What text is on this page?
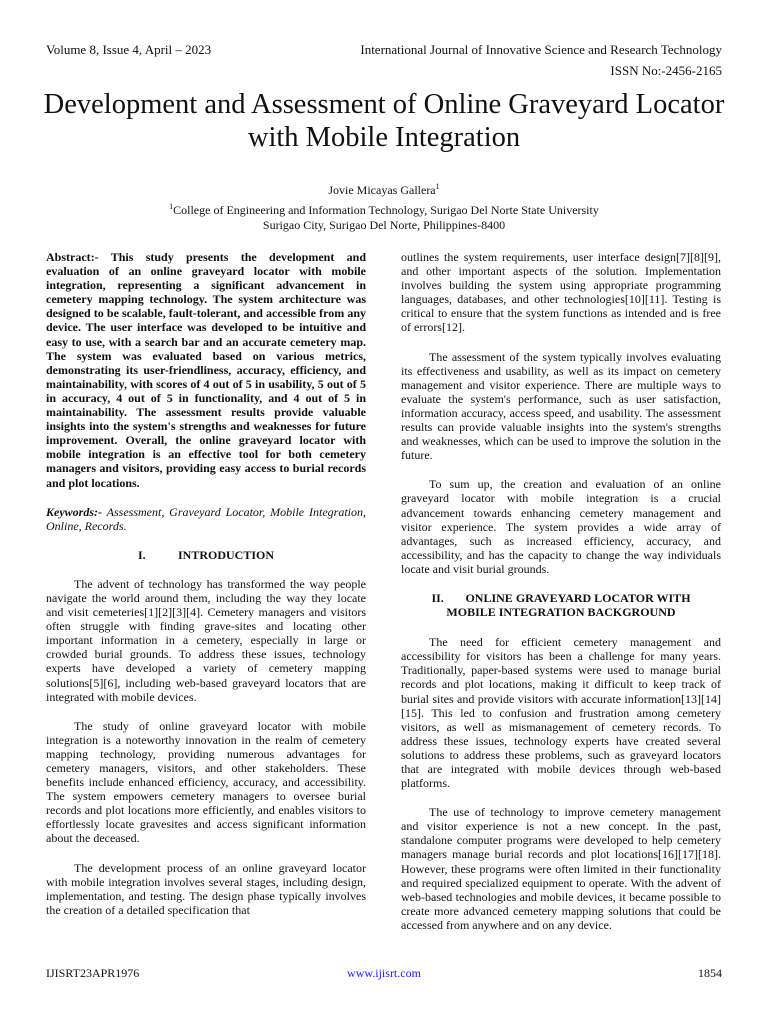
Volume 8, Issue 4, April – 2023	International Journal of Innovative Science and Research Technology
ISSN No:-2456-2165
Development and Assessment of Online Graveyard Locator with Mobile Integration
Jovie Micayas Gallera$^1$
$^1$College of Engineering and Information Technology, Surigao Del Norte State University
Surigao City, Surigao Del Norte, Philippines-8400

Abstract:- This study presents the development and evaluation of an online graveyard locator with mobile integration, representing a significant advancement in cemetery mapping technology. The system architecture was designed to be scalable, fault-tolerant, and accessible from any device. The user interface was developed to be intuitive and easy to use, with a search bar and an accurate cemetery map. The system was evaluated based on various metrics, demonstrating its user-friendliness, accuracy, efficiency, and maintainability, with scores of 4 out of 5 in usability, 5 out of 5 in accuracy, 4 out of 5 in functionality, and 4 out of 5 in maintainability. The assessment results provide valuable insights into the system's strengths and weaknesses for future improvement. Overall, the online graveyard locator with mobile integration is an effective tool for both cemetery managers and visitors, providing easy access to burial records and plot locations.

Keywords:- Assessment, Graveyard Locator, Mobile Integration, Online, Records.

I.	INTRODUCTION

The advent of technology has transformed the way people navigate the world around them, including the way they locate and visit cemeteries[1][2][3][4]. Cemetery managers and visitors often struggle with finding grave-sites and locating other important information in a cemetery, especially in large or crowded burial grounds. To address these issues, technology experts have developed a variety of cemetery mapping solutions[5][6], including web-based graveyard locators that are integrated with mobile devices.

The study of online graveyard locator with mobile integration is a noteworthy innovation in the realm of cemetery mapping technology, providing numerous advantages for cemetery managers, visitors, and other stakeholders. These benefits include enhanced efficiency, accuracy, and accessibility. The system empowers cemetery managers to oversee burial records and plot locations more efficiently, and enables visitors to effortlessly locate gravesites and access significant information about the deceased.

The development process of an online graveyard locator with mobile integration involves several stages, including design, implementation, and testing. The design phase typically involves the creation of a detailed specification that

outlines the system requirements, user interface design[7][8][9], and other important aspects of the solution. Implementation involves building the system using appropriate programming languages, databases, and other technologies[10][11]. Testing is critical to ensure that the system functions as intended and is free of errors[12].

The assessment of the system typically involves evaluating its effectiveness and usability, as well as its impact on cemetery management and visitor experience. There are multiple ways to evaluate the system's performance, such as user satisfaction, information accuracy, access speed, and usability. The assessment results can provide valuable insights into the system's strengths and weaknesses, which can be used to improve the solution in the future.

To sum up, the creation and evaluation of an online graveyard locator with mobile integration is a crucial advancement towards enhancing cemetery management and visitor experience. The system provides a wide array of advantages, such as increased efficiency, accuracy, and accessibility, and has the capacity to change the way individuals locate and visit burial grounds.

II. ONLINE GRAVEYARD LOCATOR WITH
MOBILE INTEGRATION BACKGROUND

The need for efficient cemetery management and accessibility for visitors has been a challenge for many years. Traditionally, paper-based systems were used to manage burial records and plot locations, making it difficult to keep track of burial sites and provide visitors with accurate information[13][14][15]. This led to confusion and frustration among cemetery visitors, as well as mismanagement of cemetery records. To address these issues, technology experts have created several solutions to address these problems, such as graveyard locators that are integrated with mobile devices through web-based platforms.

The use of technology to improve cemetery management and visitor experience is not a new concept. In the past, standalone computer programs were developed to help cemetery managers manage burial records and plot locations[16][17][18]. However, these programs were often limited in their functionality and required specialized equipment to operate. With the advent of web-based technologies and mobile devices, it became possible to create more advanced cemetery mapping solutions that could be accessed from anywhere and on any device.

IJISRT23APR1976	www.ijisrt.com	1854
